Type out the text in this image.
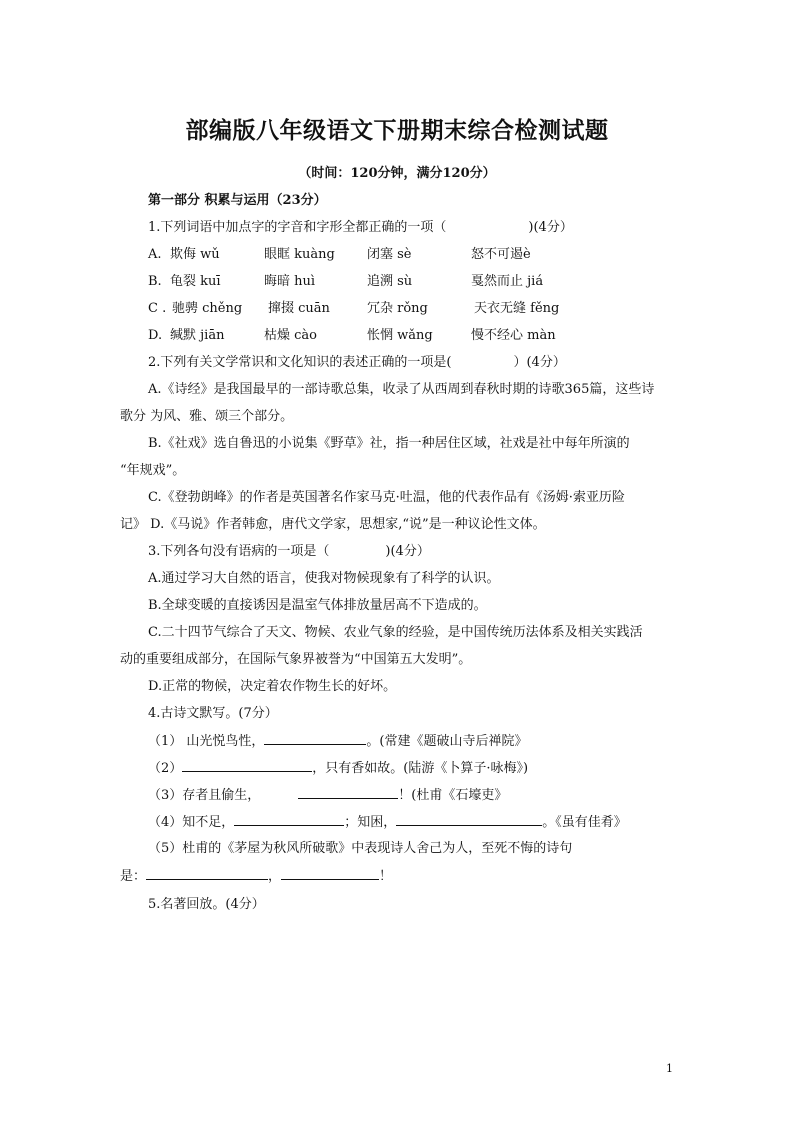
部编版八年级语文下册期末综合检测试题
（时间：120分钟，满分120分）
第一部分 积累与运用（23分）
1.下列词语中加点字的字音和字形全都正确的一项（	)(4分）
A. 欺侮 wǔ	眼眶 kuàng 闭塞 sè	怒不可遏è
B. 龟裂 kuī	晦暗 huì	追溯 sù	戛然而止 jiá
C . 驰骋 chěng 撺掇 cuān	冗杂 rǒng	天衣无缝 fěng
D. 缄默 jiān	枯燥 cào	怅惘 wǎng	慢不经心 màn
2.下列有关文学常识和文化知识的表述正确的一项是(	）(4分）
A.《诗经》是我国最早的一部诗歌总集，收录了从西周到春秋时期的诗歌365篇，这些诗
歌分 为风、雅、颂三个部分。
B.《社戏》选自鲁迅的小说集《野草》社，指一种居住区域，社戏是社中每年所演的
“年规戏”。
C.《登勃朗峰》的作者是英国著名作家马克·吐温，他的代表作品有《汤姆·索亚历险
记》 D.《马说》作者韩愈，唐代文学家，思想家,“说”是一种议论性文体。
3.下列各句没有语病的一项是（	)(4分）
A.通过学习大自然的语言，使我对物候现象有了科学的认识。
B.全球变暖的直接诱因是温室气体排放量居高不下造成的。
C.二十四节气综合了天文、物候、农业气象的经验，是中国传统历法体系及相关实践活
动的重要组成部分，在国际气象界被誉为“中国第五大发明”。
D.正常的物候，决定着农作物生长的好坏。
4.古诗文默写。(7分）
（1） 山光悦鸟性，	。(常建《题破山寺后禅院》
（2）	，只有香如故。(陆游《卜算子·咏梅》)
（3）存者且偷生，	！(杜甫《石壕吏》
（4）知不足，	；知困，	。《虽有佳肴》
（5）杜甫的《茅屋为秋风所破歌》中表现诗人舍己为人，至死不悔的诗句
是：	，	！
5.名著回放。(4分）
1
